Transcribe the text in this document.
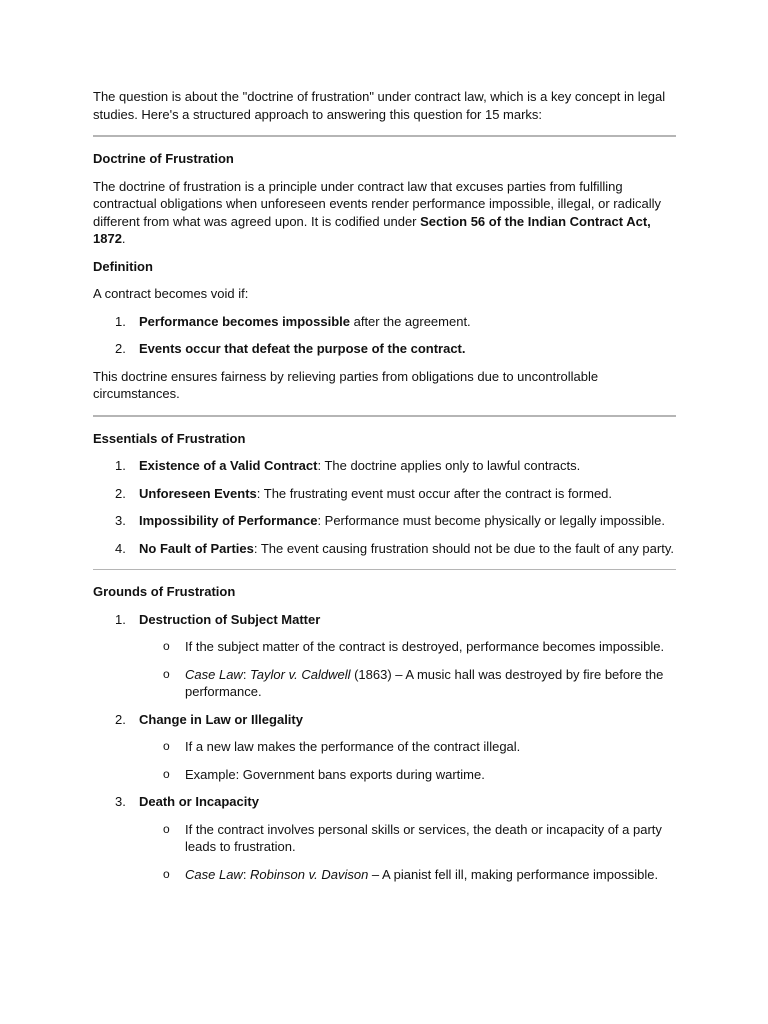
The question is about the "doctrine of frustration" under contract law, which is a key concept in legal studies. Here's a structured approach to answering this question for 15 marks:

Doctrine of Frustration

The doctrine of frustration is a principle under contract law that excuses parties from fulfilling contractual obligations when unforeseen events render performance impossible, illegal, or radically different from what was agreed upon. It is codified under Section 56 of the Indian Contract Act, 1872.

Definition

A contract becomes void if:

1. Performance becomes impossible after the agreement.
2. Events occur that defeat the purpose of the contract.

This doctrine ensures fairness by relieving parties from obligations due to uncontrollable circumstances.

Essentials of Frustration

1. Existence of a Valid Contract: The doctrine applies only to lawful contracts.
2. Unforeseen Events: The frustrating event must occur after the contract is formed.
3. Impossibility of Performance: Performance must become physically or legally impossible.
4. No Fault of Parties: The event causing frustration should not be due to the fault of any party.

Grounds of Frustration

1. Destruction of Subject Matter
o If the subject matter of the contract is destroyed, performance becomes impossible.
o Case Law: Taylor v. Caldwell (1863) – A music hall was destroyed by fire before the performance.
2. Change in Law or Illegality
o If a new law makes the performance of the contract illegal.
o Example: Government bans exports during wartime.
3. Death or Incapacity
o If the contract involves personal skills or services, the death or incapacity of a party leads to frustration.
o Case Law: Robinson v. Davison – A pianist fell ill, making performance impossible.
